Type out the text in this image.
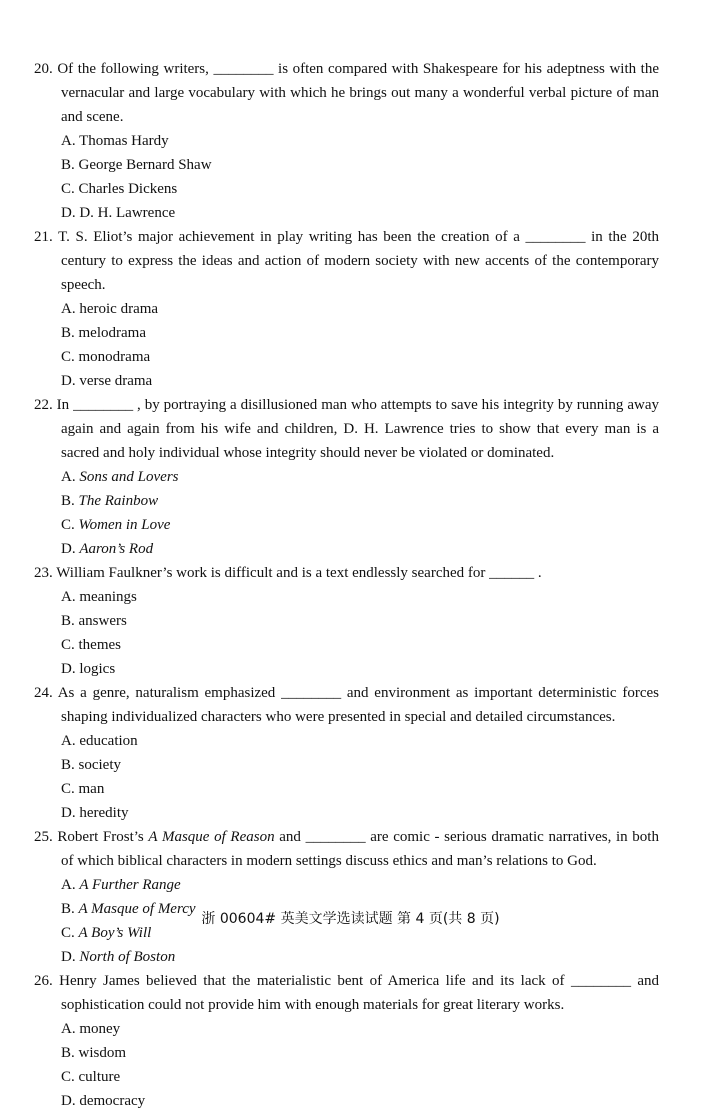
20. Of the following writers, ________ is often compared with Shakespeare for his adeptness with the vernacular and large vocabulary with which he brings out many a wonderful verbal picture of man and scene.
A. Thomas Hardy
B. George Bernard Shaw
C. Charles Dickens
D. D. H. Lawrence
21. T. S. Eliot’s major achievement in play writing has been the creation of a ________ in the 20th century to express the ideas and action of modern society with new accents of the contemporary speech.
A. heroic drama
B. melodrama
C. monodrama
D. verse drama
22. In ________ , by portraying a disillusioned man who attempts to save his integrity by running away again and again from his wife and children, D. H. Lawrence tries to show that every man is a sacred and holy individual whose integrity should never be violated or dominated.
A. Sons and Lovers
B. The Rainbow
C. Women in Love
D. Aaron’s Rod
23. William Faulkner’s work is difficult and is a text endlessly searched for ______ .
A. meanings
B. answers
C. themes
D. logics
24. As a genre, naturalism emphasized ________ and environment as important deterministic forces shaping individualized characters who were presented in special and detailed circumstances.
A. education
B. society
C. man
D. heredity
25. Robert Frost’s A Masque of Reason and ________ are comic - serious dramatic narratives, in both of which biblical characters in modern settings discuss ethics and man’s relations to God.
A. A Further Range
B. A Masque of Mercy
C. A Boy’s Will
D. North of Boston
26. Henry James believed that the materialistic bent of America life and its lack of ________ and sophistication could not provide him with enough materials for great literary works.
A. money
B. wisdom
C. culture
D. democracy
浙 00604# 英美文学选读试题 第 4 页(共 8 页)
